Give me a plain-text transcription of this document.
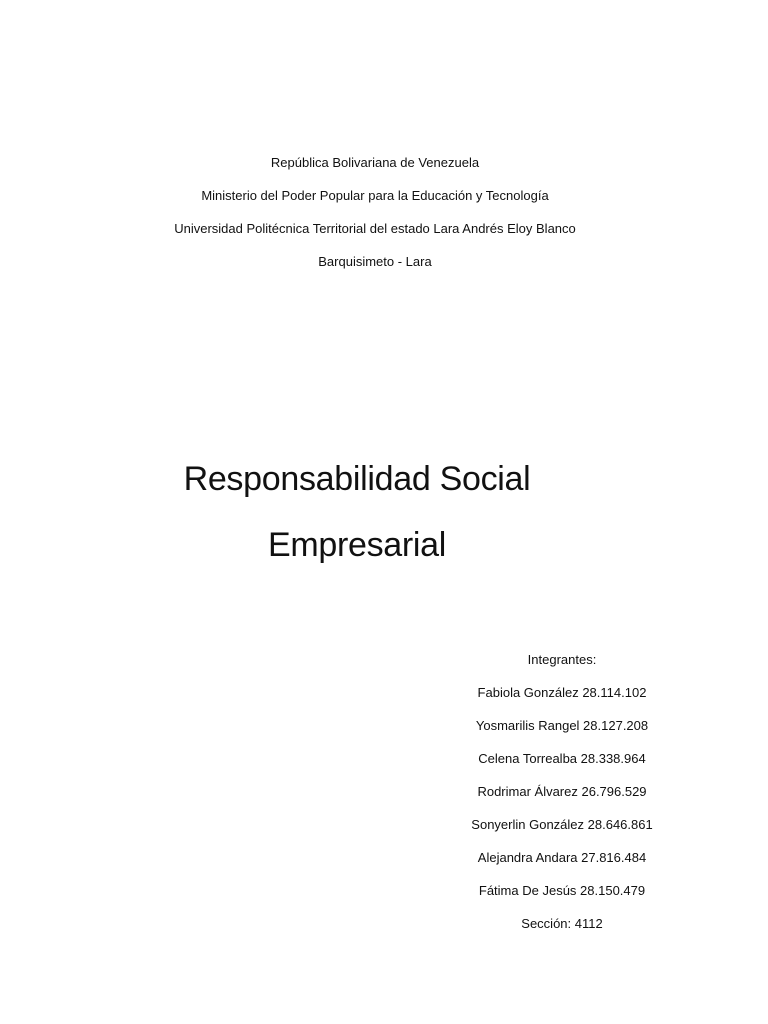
República Bolivariana de Venezuela
Ministerio del Poder Popular para la Educación y Tecnología
Universidad Politécnica Territorial del estado Lara Andrés Eloy Blanco
Barquisimeto - Lara
Responsabilidad Social
Empresarial
Integrantes:
Fabiola González 28.114.102
Yosmarilis Rangel 28.127.208
Celena Torrealba 28.338.964
Rodrimar Álvarez 26.796.529
Sonyerlin González 28.646.861
Alejandra Andara 27.816.484
Fátima De Jesús 28.150.479
Sección: 4112
